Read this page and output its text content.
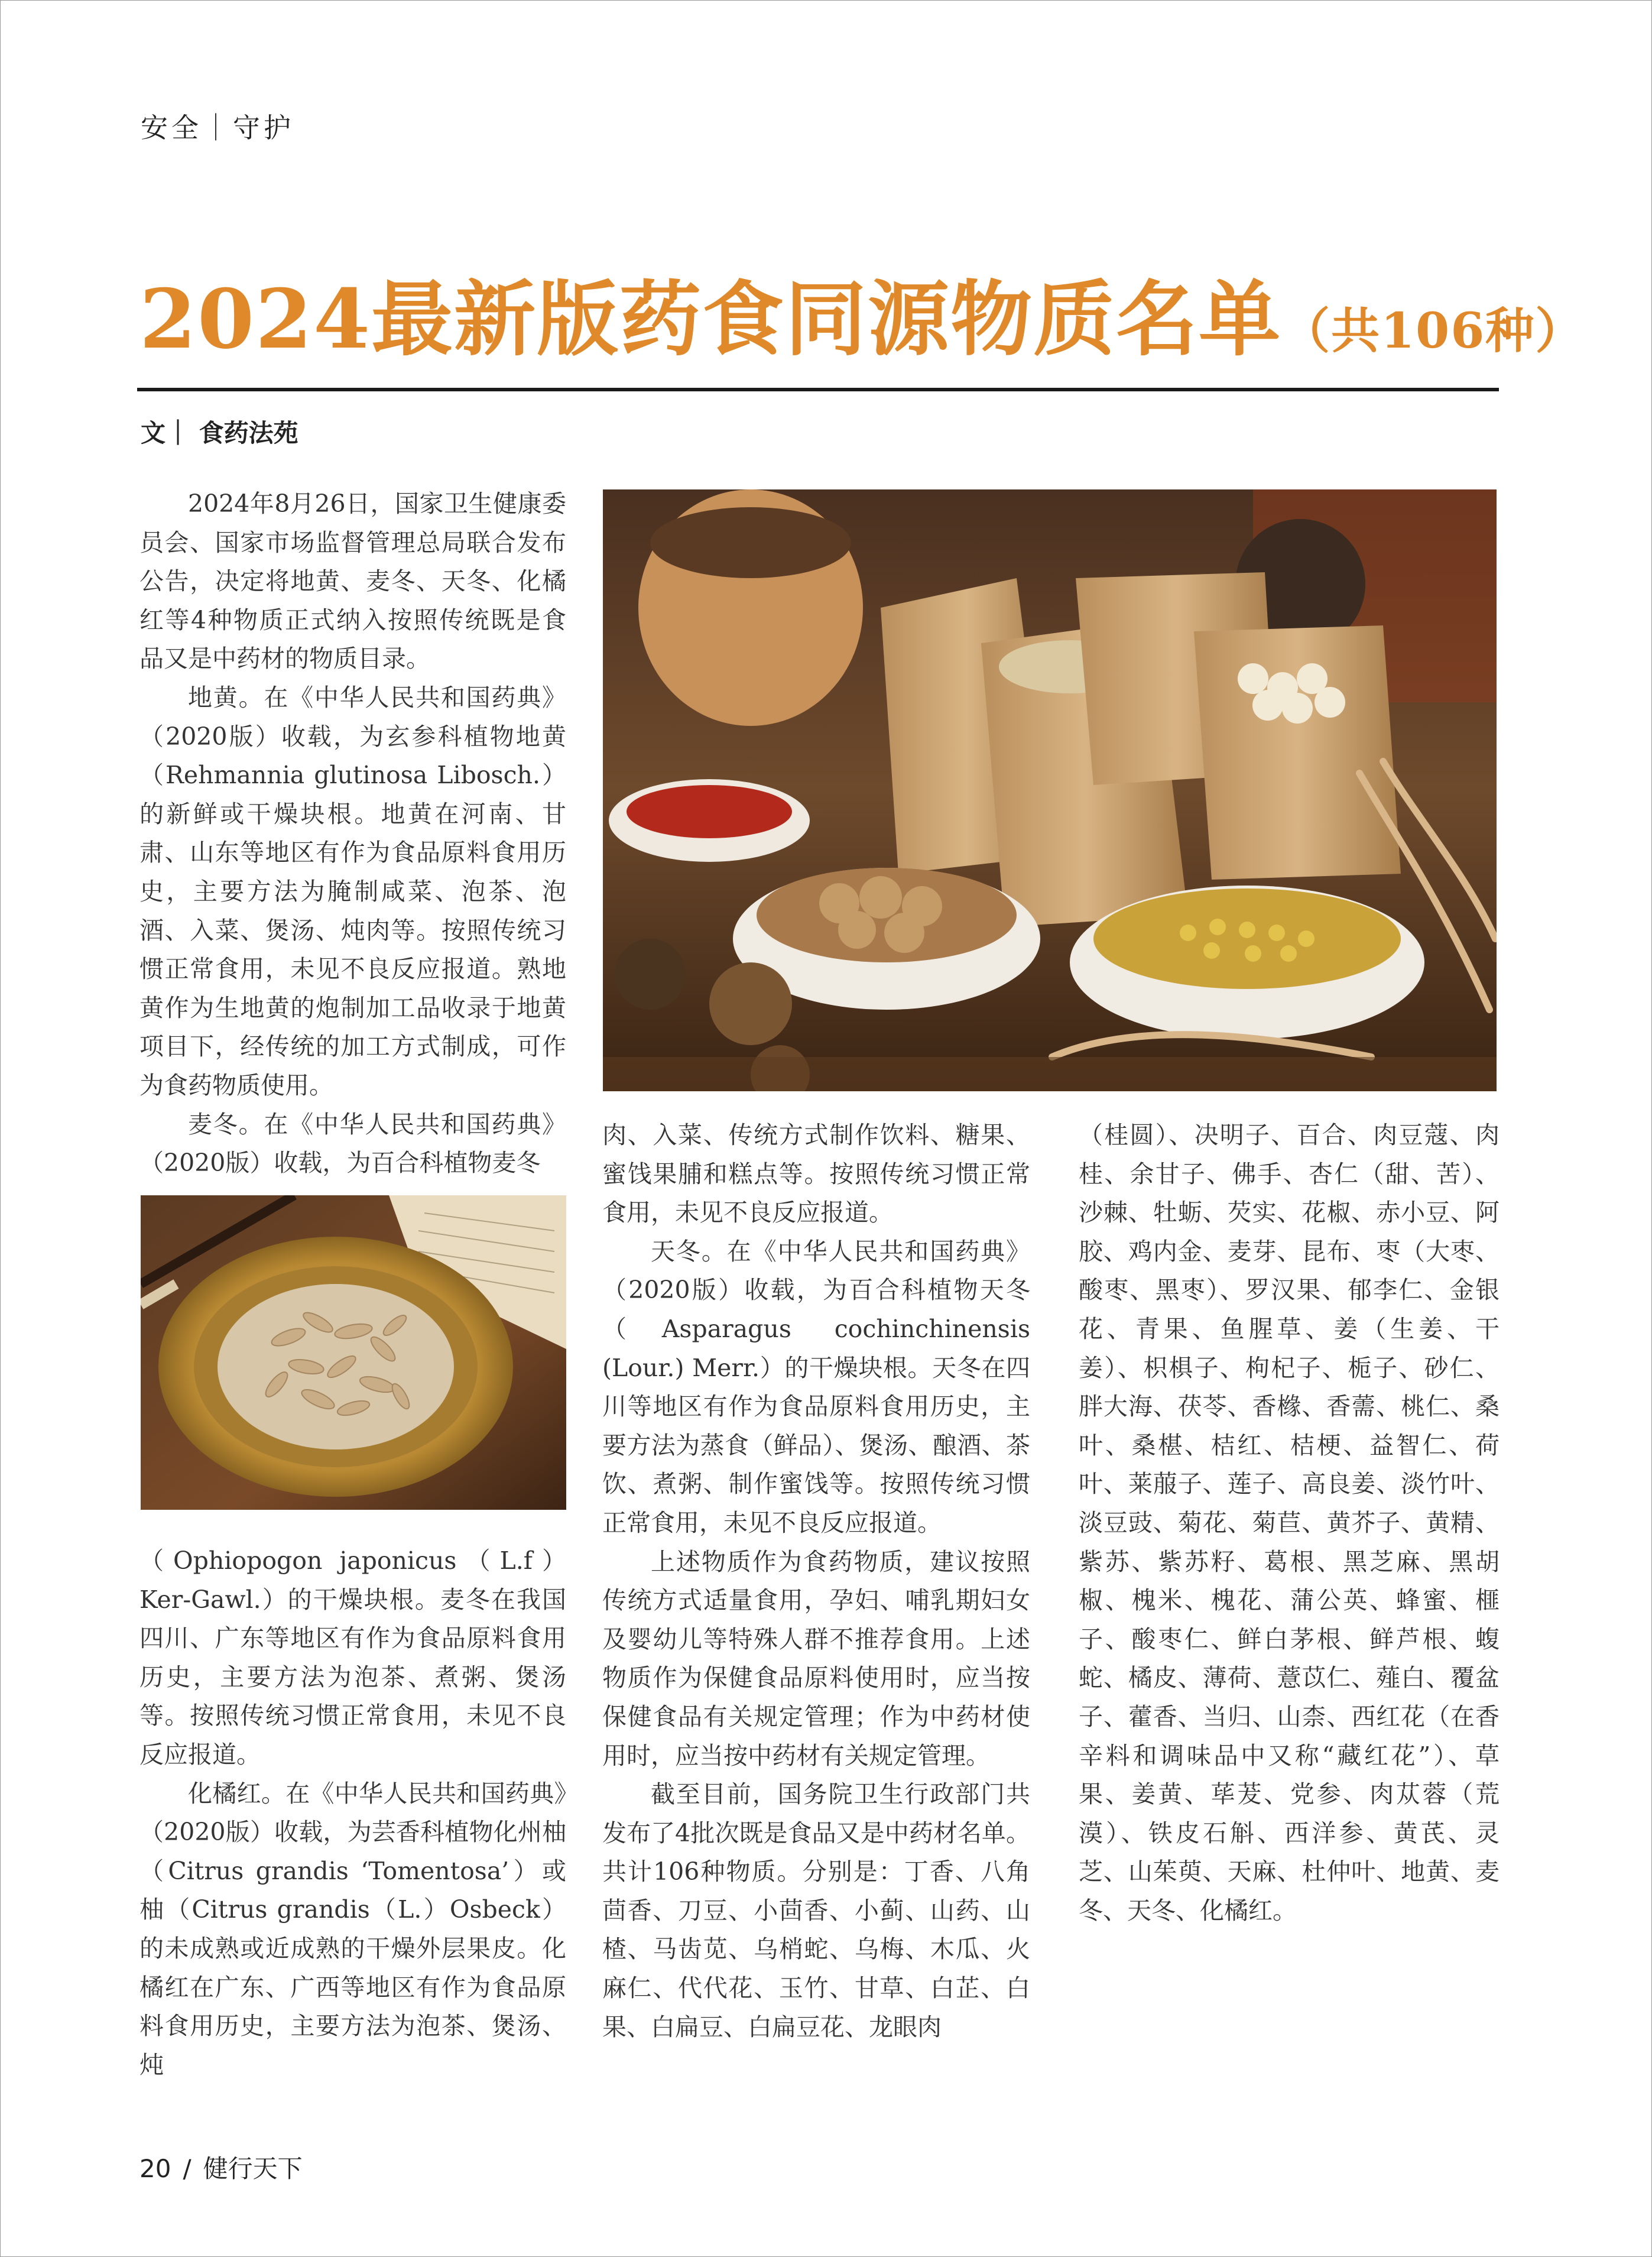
安全｜守护
2024最新版药食同源物质名单（共106种）
文｜ 食药法苑

2024年8月26日，国家卫生健康委员会、国家市场监督管理总局联合发布公告，决定将地黄、麦冬、天冬、化橘红等4种物质正式纳入按照传统既是食品又是中药材的物质目录。

地黄。在《中华人民共和国药典》（2020版）收载，为玄参科植物地黄（Rehmannia glutinosa Libosch.）的新鲜或干燥块根。地黄在河南、甘肃、山东等地区有作为食品原料食用历史，主要方法为腌制咸菜、泡茶、泡酒、入菜、煲汤、炖肉等。按照传统习惯正常食用，未见不良反应报道。熟地黄作为生地黄的炮制加工品收录于地黄项目下，经传统的加工方式制成，可作为食药物质使用。

麦冬。在《中华人民共和国药典》（2020版）收载，为百合科植物麦冬

（Ophiopogon japonicus（L.f）Ker-Gawl.）的干燥块根。麦冬在我国四川、广东等地区有作为食品原料食用历史，主要方法为泡茶、煮粥、煲汤等。按照传统习惯正常食用，未见不良反应报道。

化橘红。在《中华人民共和国药典》（2020版）收载，为芸香科植物化州柚（Citrus grandis ‘Tomentosa’）或柚（Citrus grandis（L.）Osbeck）的未成熟或近成熟的干燥外层果皮。化橘红在广东、广西等地区有作为食品原料食用历史，主要方法为泡茶、煲汤、炖

肉、入菜、传统方式制作饮料、糖果、蜜饯果脯和糕点等。按照传统习惯正常食用，未见不良反应报道。

天冬。在《中华人民共和国药典》（2020版）收载，为百合科植物天冬（Asparagus cochinchinensis (Lour.) Merr.）的干燥块根。天冬在四川等地区有作为食品原料食用历史，主要方法为蒸食（鲜品）、煲汤、酿酒、茶饮、煮粥、制作蜜饯等。按照传统习惯正常食用，未见不良反应报道。

上述物质作为食药物质，建议按照传统方式适量食用，孕妇、哺乳期妇女及婴幼儿等特殊人群不推荐食用。上述物质作为保健食品原料使用时，应当按保健食品有关规定管理；作为中药材使用时，应当按中药材有关规定管理。

截至目前，国务院卫生行政部门共发布了4批次既是食品又是中药材名单。共计106种物质。分别是：丁香、八角茴香、刀豆、小茴香、小蓟、山药、山楂、马齿苋、乌梢蛇、乌梅、木瓜、火麻仁、代代花、玉竹、甘草、白芷、白果、白扁豆、白扁豆花、龙眼肉

（桂圆）、决明子、百合、肉豆蔻、肉桂、余甘子、佛手、杏仁（甜、苦）、沙棘、牡蛎、芡实、花椒、赤小豆、阿胶、鸡内金、麦芽、昆布、枣（大枣、酸枣、黑枣）、罗汉果、郁李仁、金银花、青果、鱼腥草、姜（生姜、干姜）、枳椇子、枸杞子、栀子、砂仁、胖大海、茯苓、香橼、香薷、桃仁、桑叶、桑椹、桔红、桔梗、益智仁、荷叶、莱菔子、莲子、高良姜、淡竹叶、淡豆豉、菊花、菊苣、黄芥子、黄精、紫苏、紫苏籽、葛根、黑芝麻、黑胡椒、槐米、槐花、蒲公英、蜂蜜、榧子、酸枣仁、鲜白茅根、鲜芦根、蝮蛇、橘皮、薄荷、薏苡仁、薤白、覆盆子、藿香、当归、山柰、西红花（在香辛料和调味品中又称“藏红花”）、草果、姜黄、荜茇、党参、肉苁蓉（荒漠）、铁皮石斛、西洋参、黄芪、灵芝、山茱萸、天麻、杜仲叶、地黄、麦冬、天冬、化橘红。

20 / 健行天下
